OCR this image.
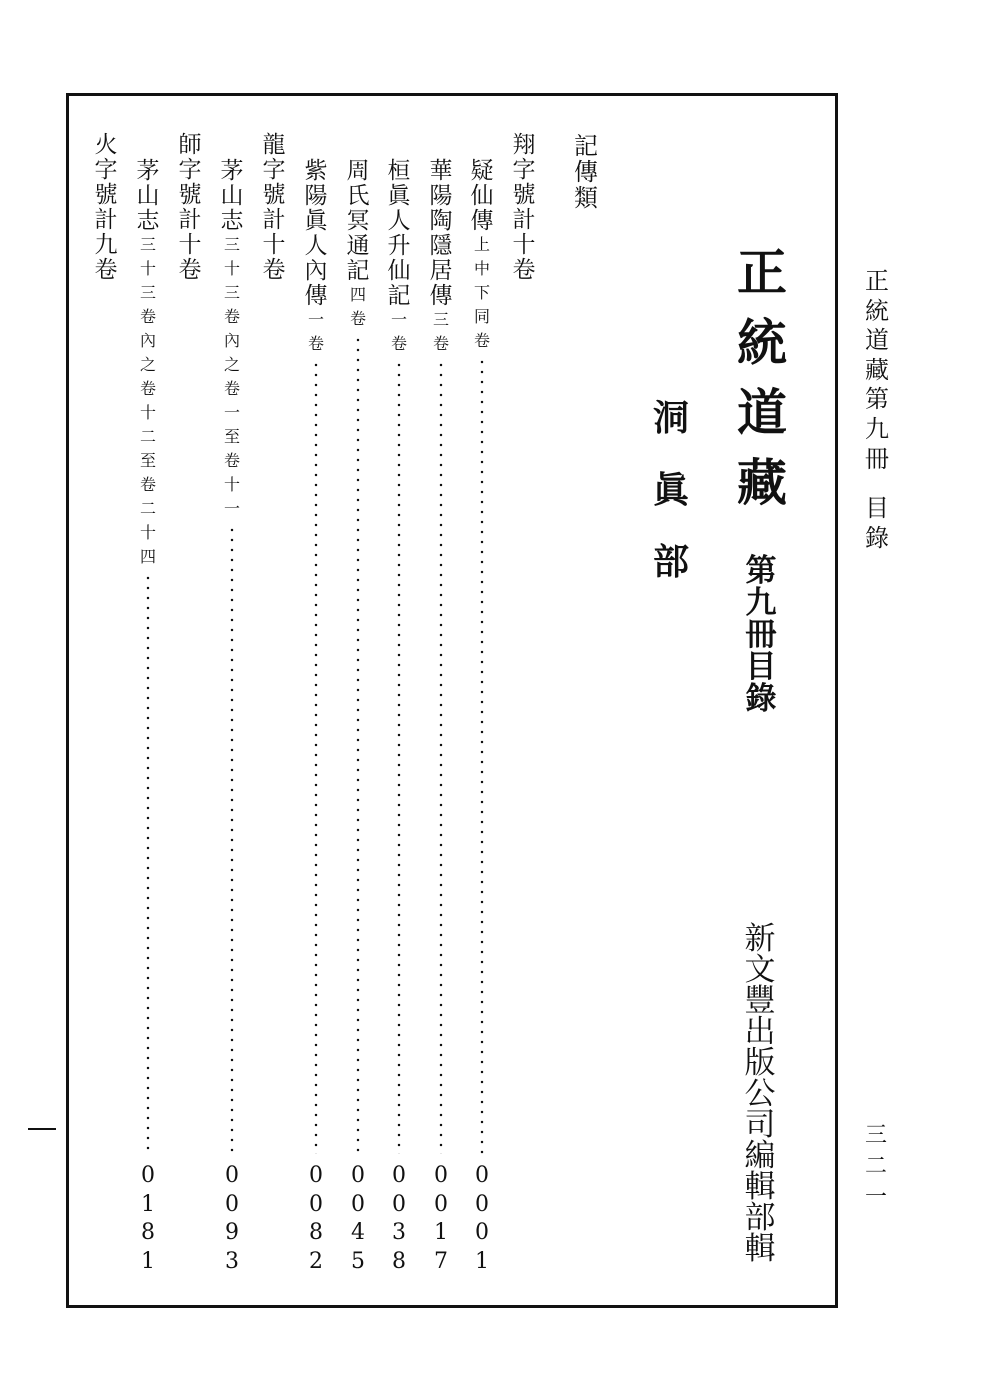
正
統
道
藏
第
九
冊
目
錄
三二一
正
統
道
藏
第
九
冊
目
錄
洞
眞
部
新
文
豐
出
版
公
司
編
輯
部
輯
記
傳
類
翔
字
號
計
十
卷
疑
仙
傳
上
中
下
同
卷
0
0
0
1
華
陽
陶
隱
居
傳
三
卷
0
0
1
7
桓
眞
人
升
仙
記
一
卷
0
0
3
8
周
氏
冥
通
記
四
卷
0
0
4
5
紫
陽
眞
人
內
傳
一
卷
0
0
8
2
龍
字
號
計
十
卷
茅
山
志
三
十
三
卷
內
之
卷
一
至
卷
十
一
0
0
9
3
師
字
號
計
十
卷
茅
山
志
三
十
三
卷
內
之
卷
十
二
至
卷
二
十
四
0
1
8
1
火
字
號
計
九
卷
